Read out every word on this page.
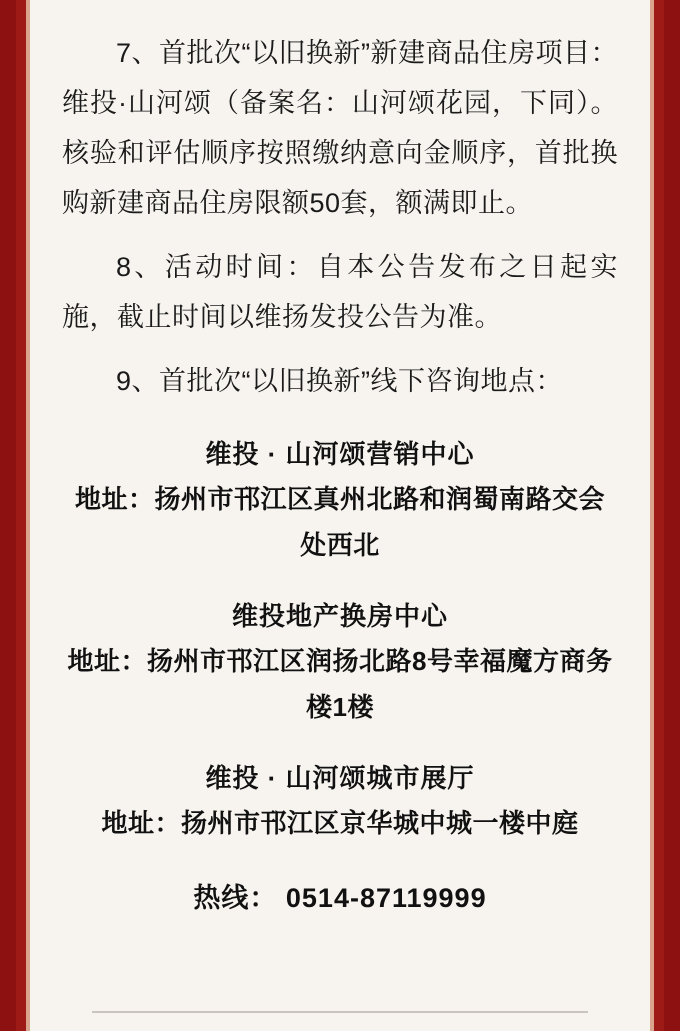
7、首批次“以旧换新”新建商品住房项目：维投·山河颂（备案名：山河颂花园，下同）。核验和评估顺序按照缴纳意向金顺序，首批换购新建商品住房限额50套，额满即止。

8、活动时间：自本公告发布之日起实施，截止时间以维扬发投公告为准。

9、首批次“以旧换新”线下咨询地点：

维投 · 山河颂营销中心
地址：扬州市邗江区真州北路和润蜀南路交会处西北
维投地产换房中心
地址：扬州市邗江区润扬北路8号幸福魔方商务楼1楼
维投 · 山河颂城市展厅
地址：扬州市邗江区京华城中城一楼中庭
热线： 0514-87119999
